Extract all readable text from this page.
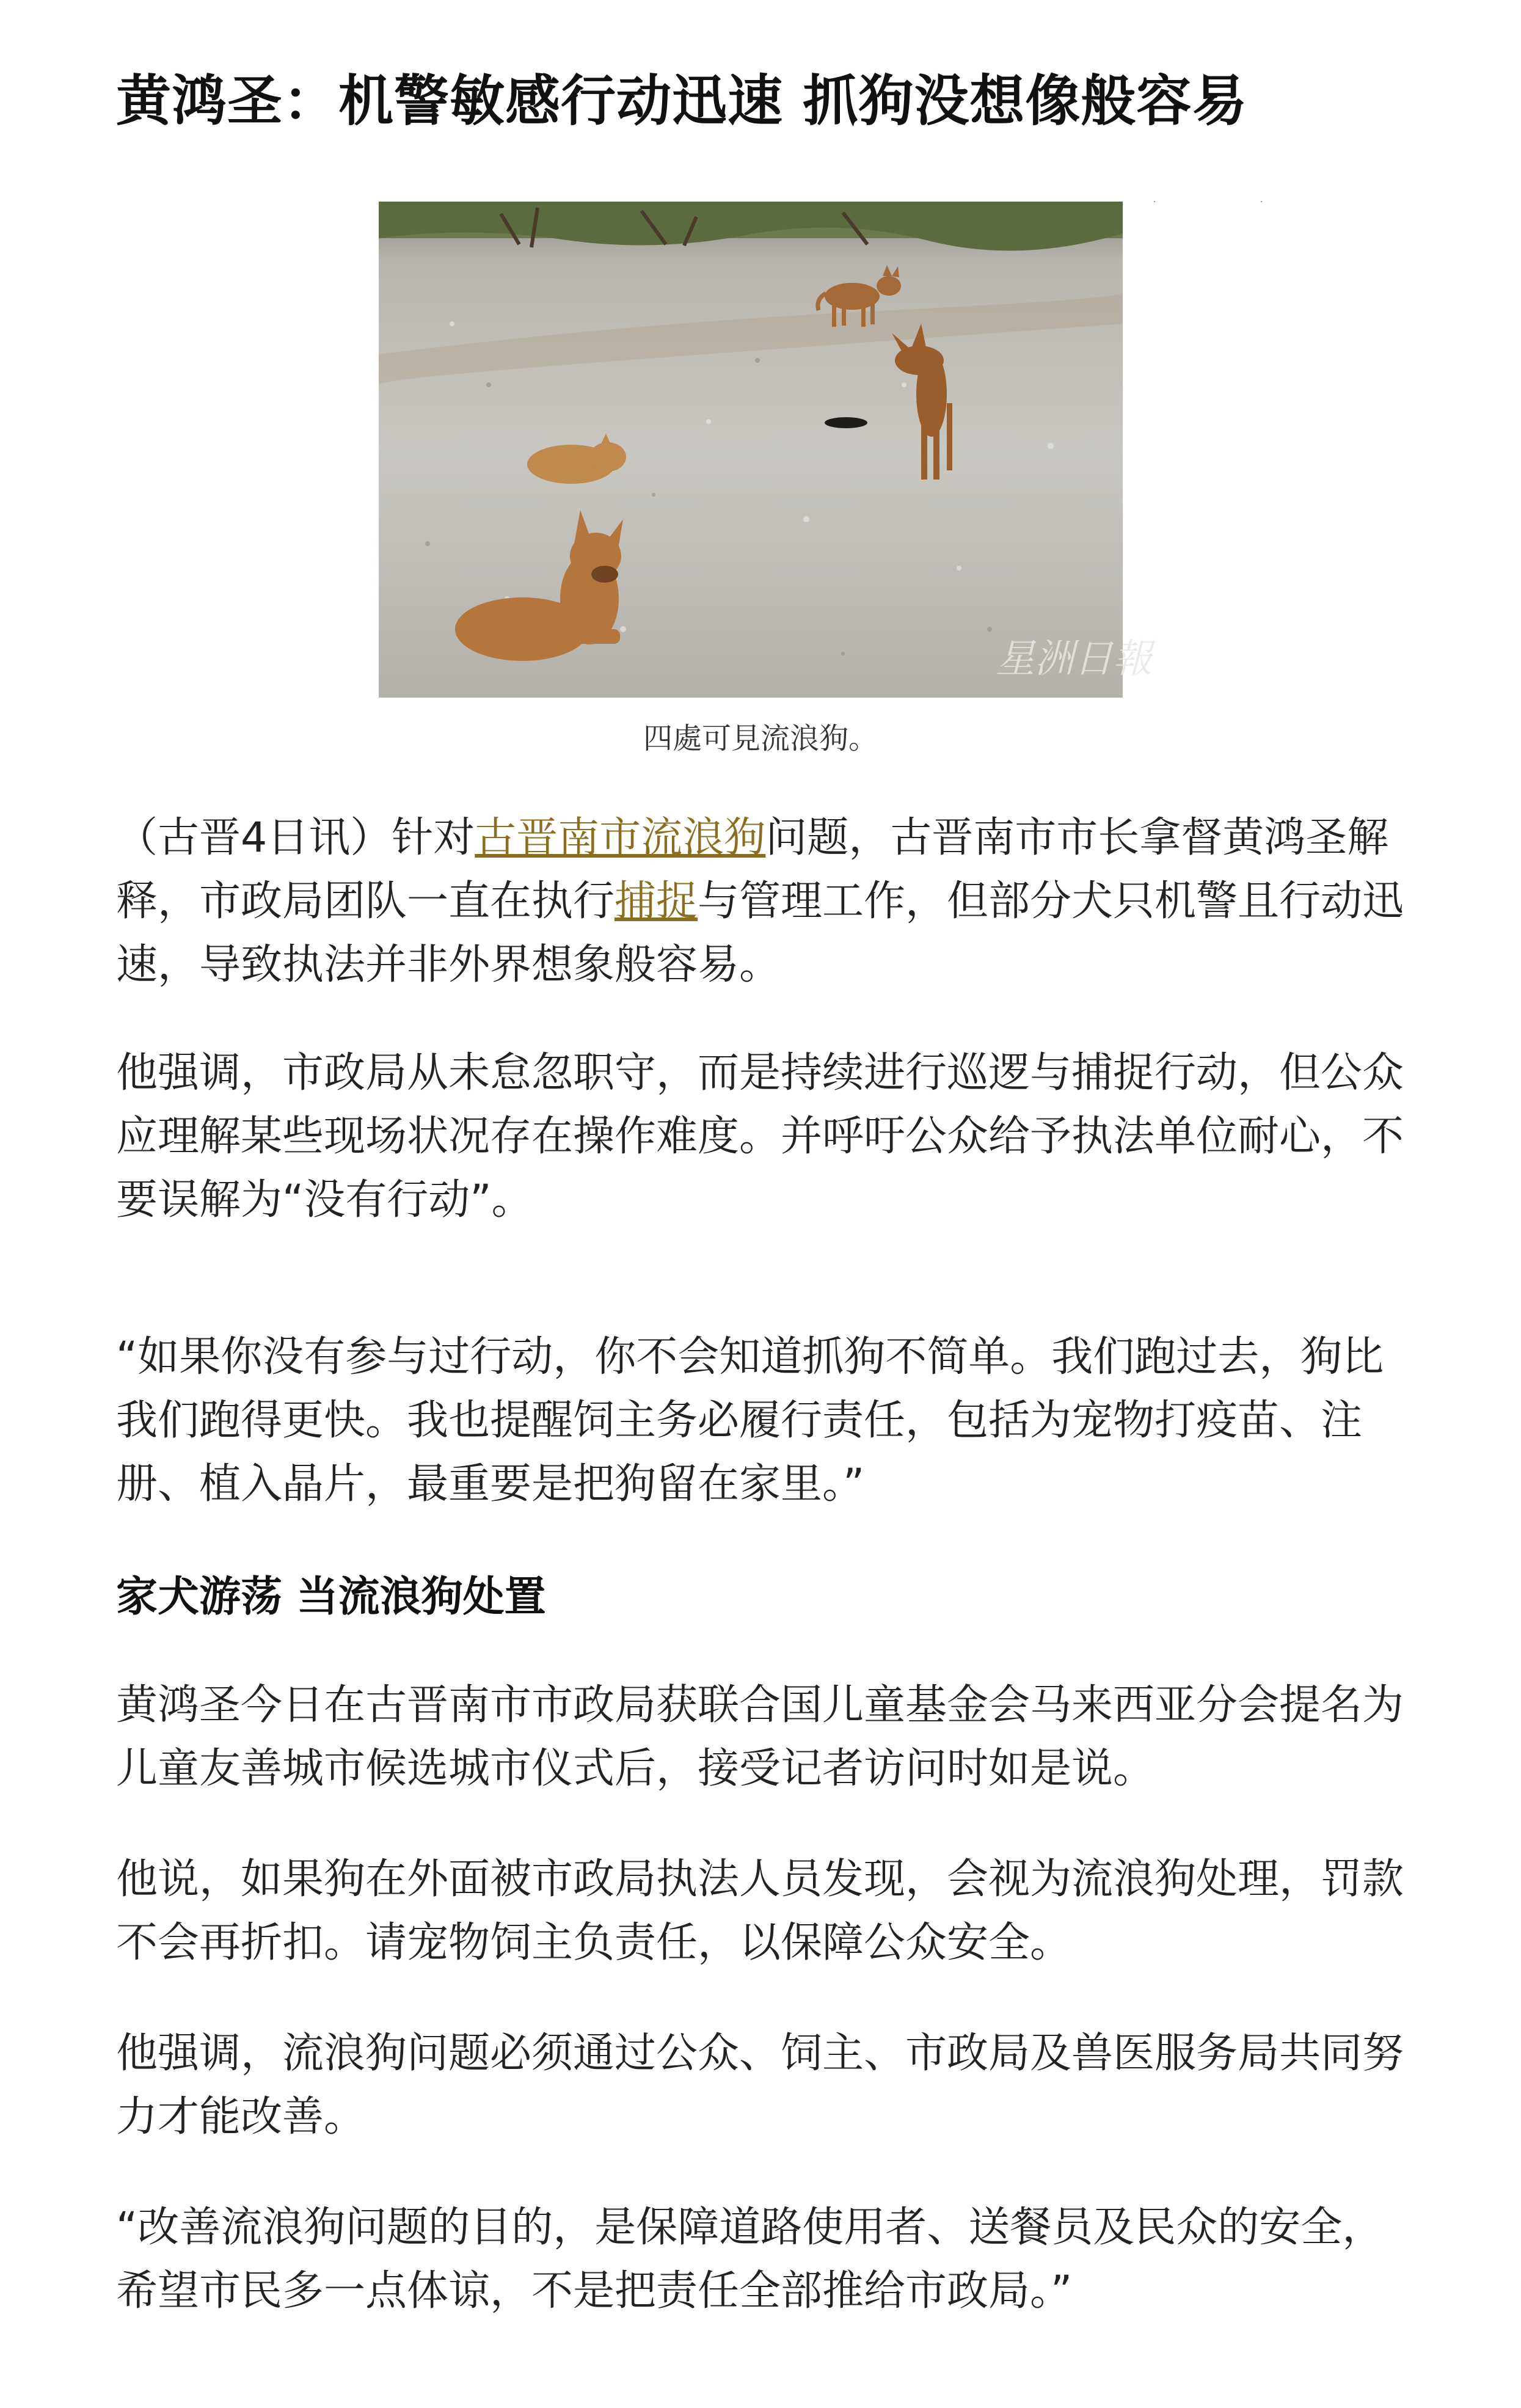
黄鸿圣：机警敏感行动迅速 抓狗没想像般容易
星洲日報
四處可見流浪狗。

（古晋4日讯）针对古晋南市流浪狗问题，古晋南市市长拿督黄鸿圣解释，市政局团队一直在执行捕捉与管理工作，但部分犬只机警且行动迅速，导致执法并非外界想象般容易。

他强调，市政局从未怠忽职守，而是持续进行巡逻与捕捉行动，但公众应理解某些现场状况存在操作难度。并呼吁公众给予执法单位耐心，不要误解为“没有行动”。

“如果你没有参与过行动，你不会知道抓狗不简单。我们跑过去，狗比我们跑得更快。我也提醒饲主务必履行责任，包括为宠物打疫苗、注册、植入晶片，最重要是把狗留在家里。”

家犬游荡 当流浪狗处置

黄鸿圣今日在古晋南市市政局获联合国儿童基金会马来西亚分会提名为儿童友善城市候选城市仪式后，接受记者访问时如是说。

他说，如果狗在外面被市政局执法人员发现，会视为流浪狗处理，罚款不会再折扣。请宠物饲主负责任，以保障公众安全。

他强调，流浪狗问题必须通过公众、饲主、市政局及兽医服务局共同努力才能改善。

“改善流浪狗问题的目的，是保障道路使用者、送餐员及民众的安全，希望市民多一点体谅，不是把责任全部推给市政局。”
